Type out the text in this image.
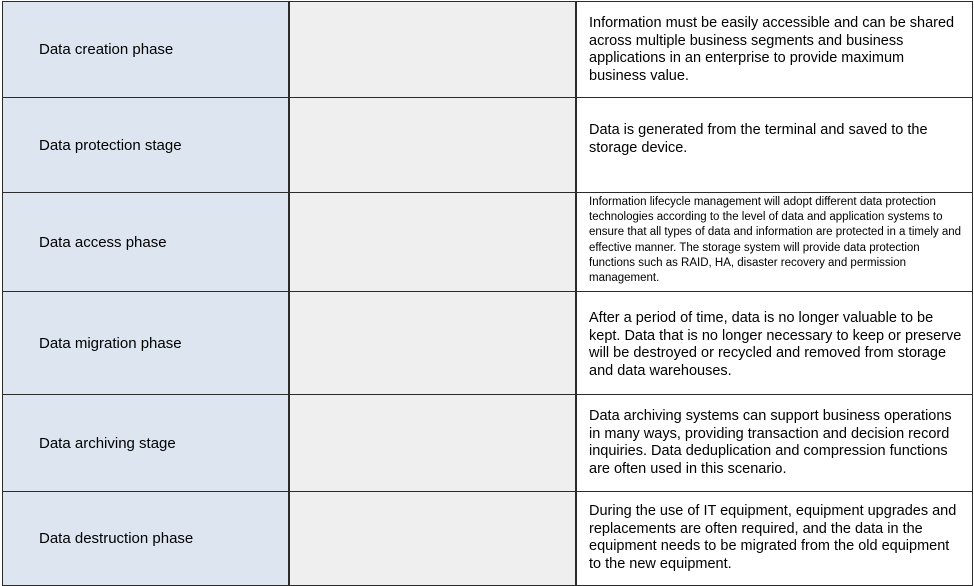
Data creation phase
Information must be easily accessible and can be shared across multiple business segments and business applications in an enterprise to provide maximum business value.
Data protection stage
Data is generated from the terminal and saved to the storage device.
Data access phase
Information lifecycle management will adopt different data protection technologies according to the level of data and application systems to ensure that all types of data and information are protected in a timely and effective manner. The storage system will provide data protection functions such as RAID, HA, disaster recovery and permission management.
Data migration phase
After a period of time, data is no longer valuable to be kept. Data that is no longer necessary to keep or preserve will be destroyed or recycled and removed from storage and data warehouses.
Data archiving stage
Data archiving systems can support business operations in many ways, providing transaction and decision record inquiries. Data deduplication and compression functions are often used in this scenario.
Data destruction phase
During the use of IT equipment, equipment upgrades and replacements are often required, and the data in the equipment needs to be migrated from the old equipment to the new equipment.
